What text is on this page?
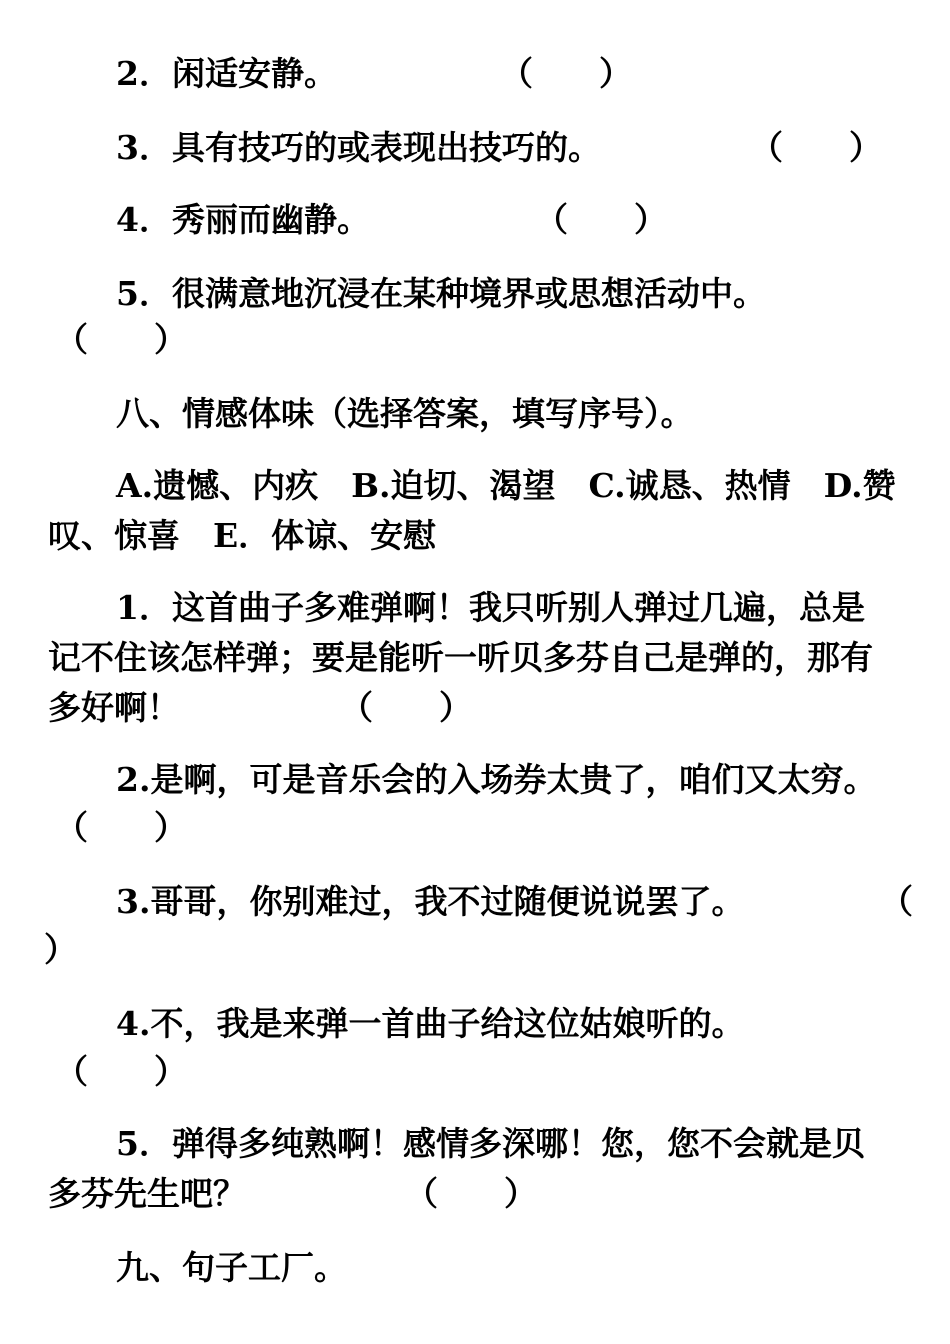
2．闲适安静。	（　　）
3．具有技巧的或表现出技巧的。	（　　）
4．秀丽而幽静。	（　　）
5．很满意地沉浸在某种境界或思想活动中。
（　　）
八、情感体味（选择答案，填写序号）。
A.遗憾、内疚　B.迫切、渴望　C.诚恳、热情　D.赞
叹、惊喜　E．体谅、安慰
1．这首曲子多难弹啊！我只听别人弹过几遍，总是
记不住该怎样弹；要是能听一听贝多芬自己是弹的，那有
多好啊！	（　　）
2.是啊，可是音乐会的入场券太贵了，咱们又太穷。
（　　）
3.哥哥，你别难过，我不过随便说说罢了。	（
）
4.不，我是来弹一首曲子给这位姑娘听的。
（　　）
5．弹得多纯熟啊！感情多深哪！您，您不会就是贝
多芬先生吧？	（　　）
九、句子工厂。
